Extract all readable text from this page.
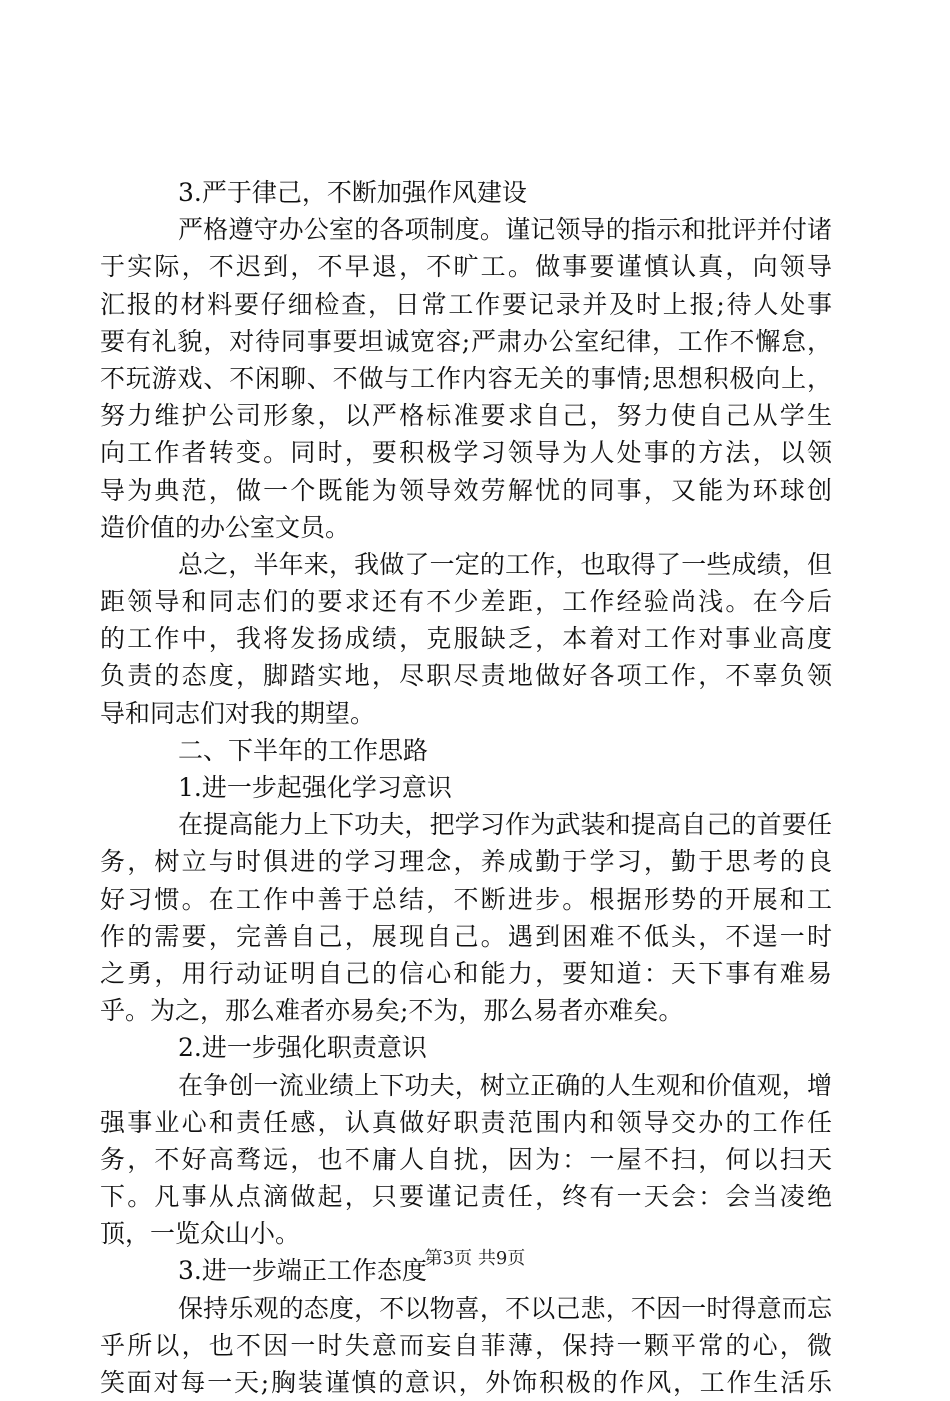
3.严于律己，不断加强作风建设
严格遵守办公室的各项制度。谨记领导的指示和批评并付诸
于实际，不迟到，不早退，不旷工。做事要谨慎认真，向领导
汇报的材料要仔细检查，日常工作要记录并及时上报;待人处事
要有礼貌，对待同事要坦诚宽容;严肃办公室纪律，工作不懈怠，
不玩游戏、不闲聊、不做与工作内容无关的事情;思想积极向上，
努力维护公司形象，以严格标准要求自己，努力使自己从学生
向工作者转变。同时，要积极学习领导为人处事的方法，以领
导为典范，做一个既能为领导效劳解忧的同事，又能为环球创
造价值的办公室文员。
总之，半年来，我做了一定的工作，也取得了一些成绩，但
距领导和同志们的要求还有不少差距，工作经验尚浅。在今后
的工作中，我将发扬成绩，克服缺乏，本着对工作对事业高度
负责的态度，脚踏实地，尽职尽责地做好各项工作，不辜负领
导和同志们对我的期望。
二、下半年的工作思路
1.进一步起强化学习意识
在提高能力上下功夫，把学习作为武装和提高自己的首要任
务，树立与时俱进的学习理念，养成勤于学习，勤于思考的良
好习惯。在工作中善于总结，不断进步。根据形势的开展和工
作的需要，完善自己，展现自己。遇到困难不低头，不逞一时
之勇，用行动证明自己的信心和能力，要知道：天下事有难易
乎。为之，那么难者亦易矣;不为，那么易者亦难矣。
2.进一步强化职责意识
在争创一流业绩上下功夫，树立正确的人生观和价值观，增
强事业心和责任感，认真做好职责范围内和领导交办的工作任
务，不好高骛远，也不庸人自扰，因为：一屋不扫，何以扫天
下。凡事从点滴做起，只要谨记责任，终有一天会：会当凌绝
顶，一览众山小。
3.进一步端正工作态度
保持乐观的态度，不以物喜，不以己悲，不因一时得意而忘
乎所以，也不因一时失意而妄自菲薄，保持一颗平常的心，微
笑面对每一天;胸装谨慎的意识，外饰积极的作风，工作生活乐
第3页 共9页
